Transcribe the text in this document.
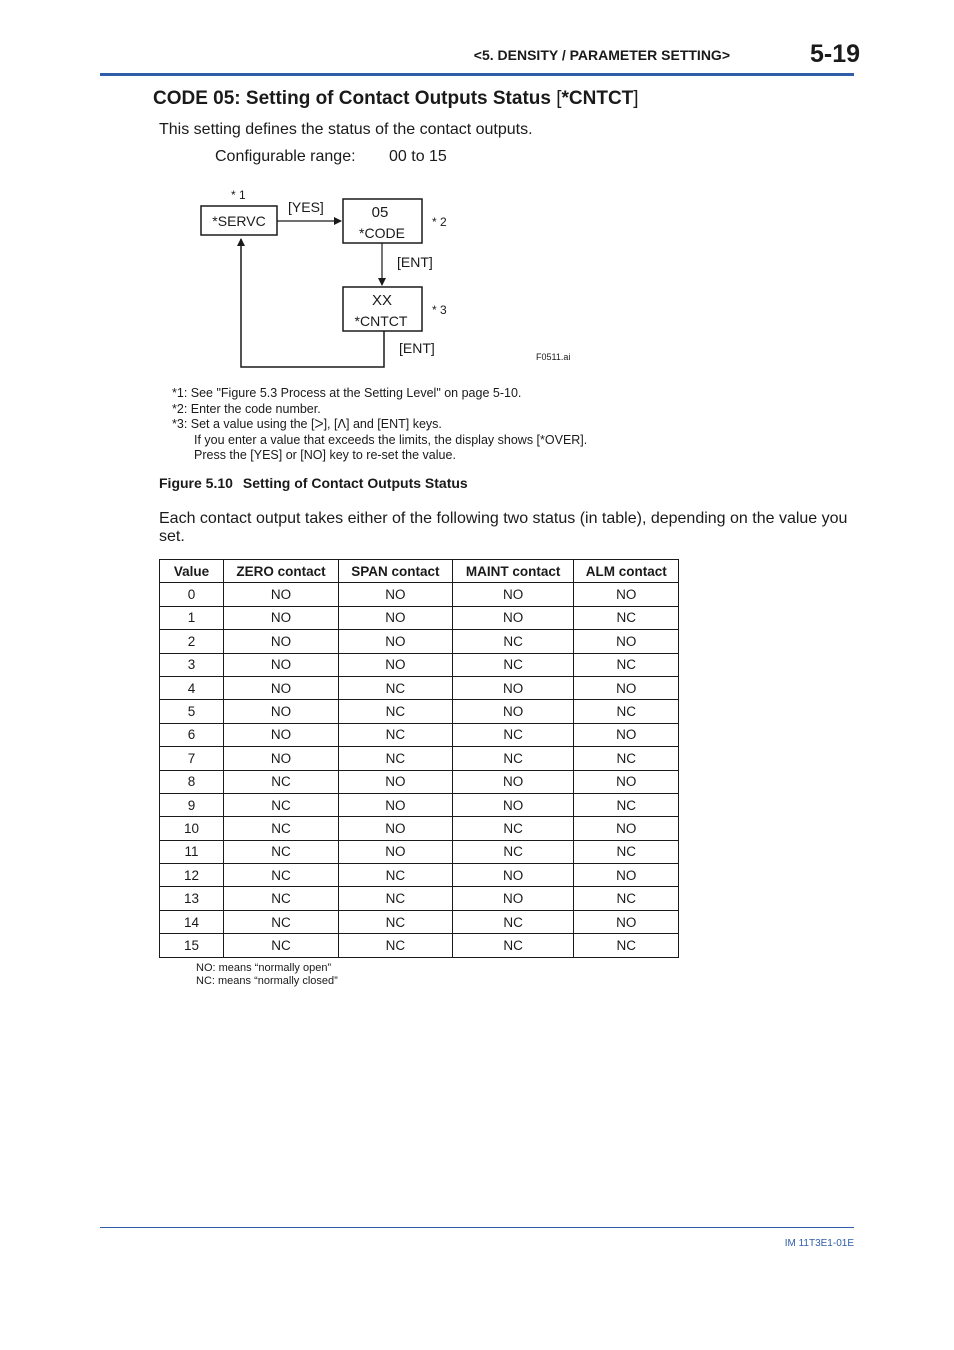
<5. DENSITY / PARAMETER SETTING>	5-19
CODE 05: Setting of Contact Outputs Status [*CNTCT]
This setting defines the status of the contact outputs.
Configurable range: 00 to 15
*SERVC
* 1
[YES]	05
*CODE
* 2
[ENT]
XX
*CNTCT
* 3
[ENT]
F0511.ai
*1: See "Figure 5.3 Process at the Setting Level" on page 5-10.
*2: Enter the code number.
*3: Set a value using the [ᐳ], [ᐱ] and [ENT] keys.
If you enter a value that exceeds the limits, the display shows [*OVER].
Press the [YES] or [NO] key to re-set the value.
Figure 5.10 Setting of Contact Outputs Status
Each contact output takes either of the following two status (in table), depending on the value you set.
Value	ZERO contact	SPAN contact	MAINT contact	ALM contact
0	NO	NO	NO	NO
1	NO	NO	NO	NC
2	NO	NO	NC	NO
3	NO	NO	NC	NC
4	NO	NC	NO	NO
5	NO	NC	NO	NC
6	NO	NC	NC	NO
7	NO	NC	NC	NC
8	NC	NO	NO	NO
9	NC	NO	NO	NC
10	NC	NO	NC	NO
11	NC	NO	NC	NC
12	NC	NC	NO	NO
13	NC	NC	NO	NC
14	NC	NC	NC	NO
15	NC	NC	NC	NC
NO: means “normally open”
NC: means “normally closed”
IM 11T3E1-01E
